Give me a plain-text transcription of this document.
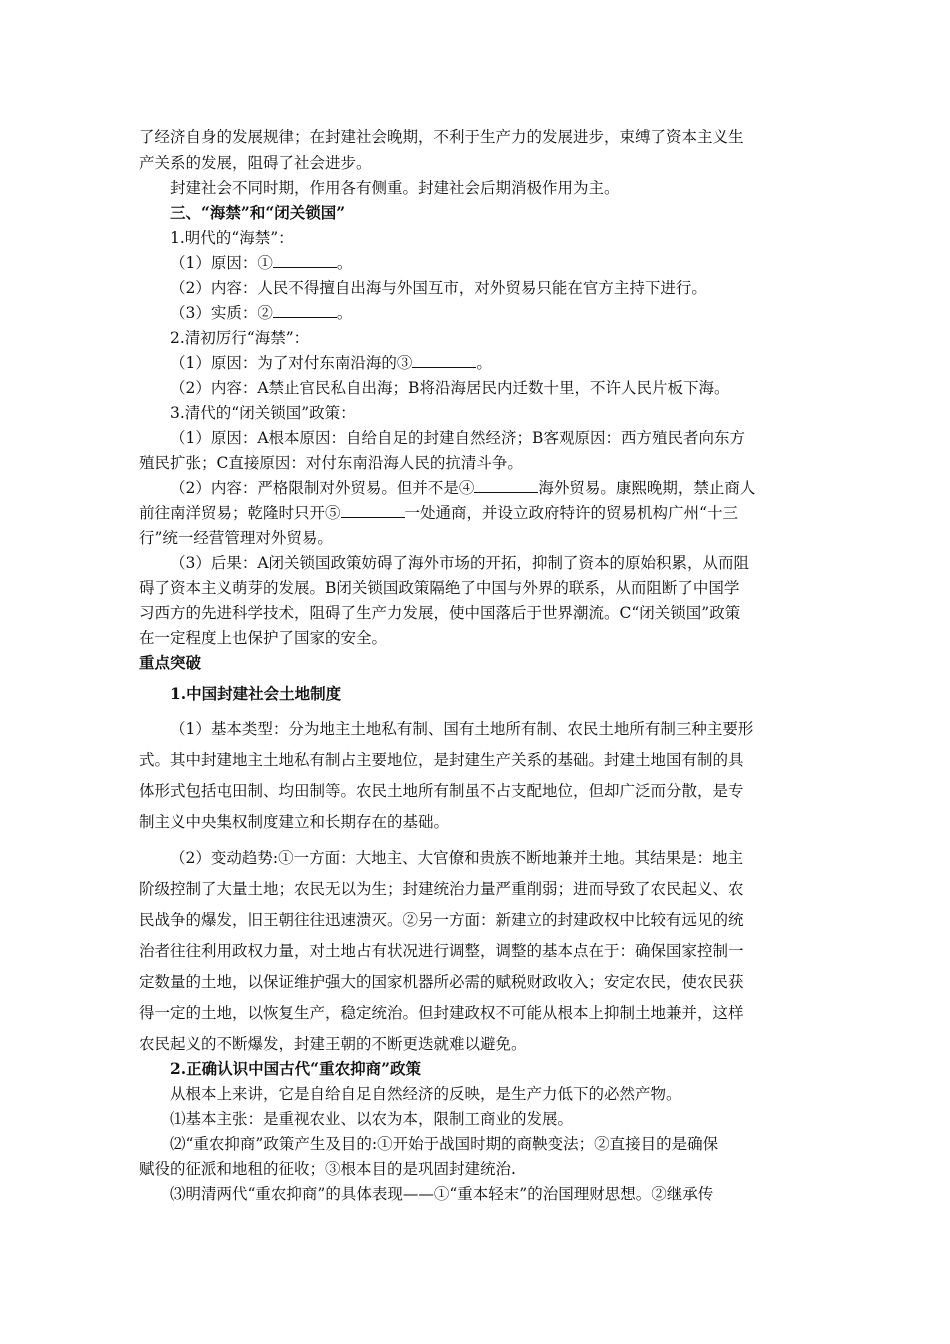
了经济自身的发展规律；在封建社会晚期，不利于生产力的发展进步，束缚了资本主义生
产关系的发展，阻碍了社会进步。
封建社会不同时期，作用各有侧重。封建社会后期消极作用为主。
三、“海禁”和“闭关锁国”
1.明代的“海禁”：
（1）原因：①	。
（2）内容：人民不得擅自出海与外国互市，对外贸易只能在官方主持下进行。
（3）实质：②	。
2.清初厉行“海禁”：
（1）原因：为了对付东南沿海的③	。
（2）内容：A禁止官民私自出海；B将沿海居民内迁数十里，不许人民片板下海。
3.清代的“闭关锁国”政策：
（1）原因：A根本原因：自给自足的封建自然经济；B客观原因：西方殖民者向东方
殖民扩张；C直接原因：对付东南沿海人民的抗清斗争。
（2）内容：严格限制对外贸易。但并不是④	海外贸易。康熙晚期，禁止商人
前往南洋贸易；乾隆时只开⑤	一处通商，并设立政府特许的贸易机构广州“十三
行”统一经营管理对外贸易。
（3）后果：A闭关锁国政策妨碍了海外市场的开拓，抑制了资本的原始积累，从而阻
碍了资本主义萌芽的发展。B闭关锁国政策隔绝了中国与外界的联系，从而阻断了中国学
习西方的先进科学技术，阻碍了生产力发展，使中国落后于世界潮流。C“闭关锁国”政策
在一定程度上也保护了国家的安全。
重点突破
1.中国封建社会土地制度
（1）基本类型：分为地主土地私有制、国有土地所有制、农民土地所有制三种主要形
式。其中封建地主土地私有制占主要地位，是封建生产关系的基础。封建土地国有制的具
体形式包括屯田制、均田制等。农民土地所有制虽不占支配地位，但却广泛而分散，是专
制主义中央集权制度建立和长期存在的基础。
（2）变动趋势:①一方面：大地主、大官僚和贵族不断地兼并土地。其结果是：地主
阶级控制了大量土地；农民无以为生；封建统治力量严重削弱；进而导致了农民起义、农
民战争的爆发，旧王朝往往迅速溃灭。②另一方面：新建立的封建政权中比较有远见的统
治者往往利用政权力量，对土地占有状况进行调整，调整的基本点在于：确保国家控制一
定数量的土地，以保证维护强大的国家机器所必需的赋税财政收入；安定农民，使农民获
得一定的土地，以恢复生产，稳定统治。但封建政权不可能从根本上抑制土地兼并，这样
农民起义的不断爆发，封建王朝的不断更迭就难以避免。
2.正确认识中国古代“重农抑商”政策
从根本上来讲，它是自给自足自然经济的反映，是生产力低下的必然产物。
⑴基本主张：是重视农业、以农为本，限制工商业的发展。
⑵“重农抑商”政策产生及目的:①开始于战国时期的商鞅变法；②直接目的是确保
赋役的征派和地租的征收；③根本目的是巩固封建统治.
⑶明清两代“重农抑商”的具体表现——①“重本轻末”的治国理财思想。②继承传
